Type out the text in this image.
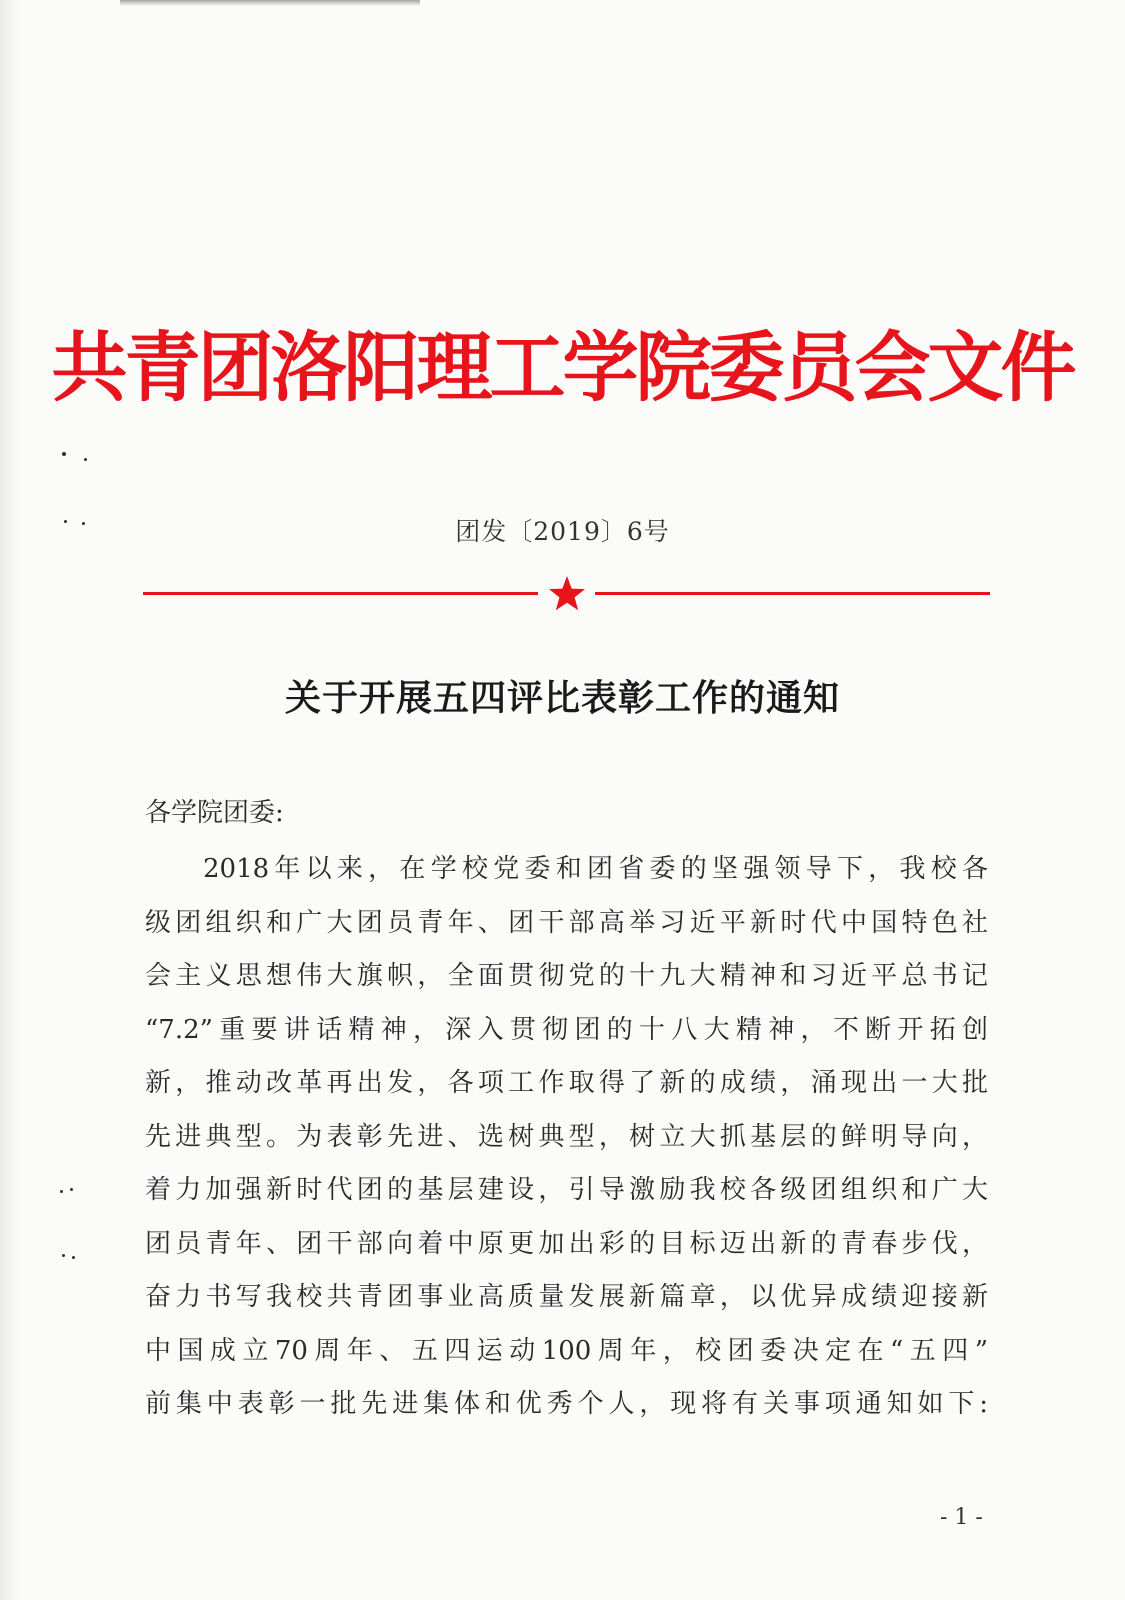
共青团洛阳理工学院委员会文件
团发〔2019〕6号
关于开展五四评比表彰工作的通知
各学院团委:
2018年以来，在学校党委和团省委的坚强领导下，我校各
级团组织和广大团员青年、团干部高举习近平新时代中国特色社
会主义思想伟大旗帜，全面贯彻党的十九大精神和习近平总书记
“7.2”重要讲话精神，深入贯彻团的十八大精神，不断开拓创
新，推动改革再出发，各项工作取得了新的成绩，涌现出一大批
先进典型。为表彰先进、选树典型，树立大抓基层的鲜明导向，
着力加强新时代团的基层建设，引导激励我校各级团组织和广大
团员青年、团干部向着中原更加出彩的目标迈出新的青春步伐，
奋力书写我校共青团事业高质量发展新篇章，以优异成绩迎接新
中国成立70周年、五四运动100周年，校团委决定在“五四”
前集中表彰一批先进集体和优秀个人，现将有关事项通知如下:
- 1 -
